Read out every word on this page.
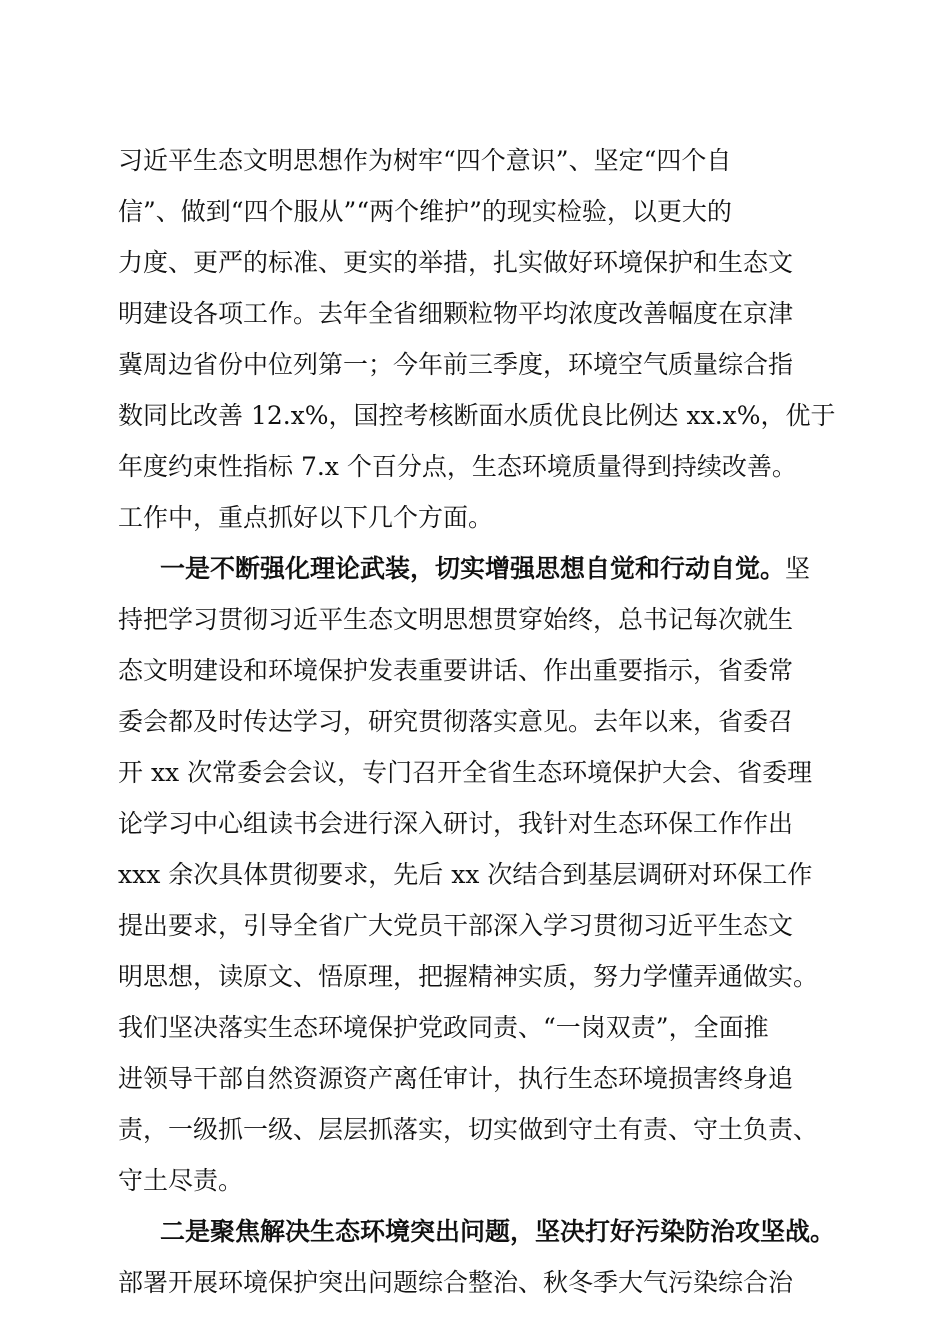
习近平生态文明思想作为树牢“四个意识”、坚定“四个自
信”、做到“四个服从”“两个维护”的现实检验，以更大的
力度、更严的标准、更实的举措，扎实做好环境保护和生态文
明建设各项工作。去年全省细颗粒物平均浓度改善幅度在京津
冀周边省份中位列第一；今年前三季度，环境空气质量综合指
数同比改善 12.x%，国控考核断面水质优良比例达 xx.x%，优于
年度约束性指标 7.x 个百分点，生态环境质量得到持续改善。
工作中，重点抓好以下几个方面。
一是不断强化理论武装，切实增强思想自觉和行动自觉。坚
持把学习贯彻习近平生态文明思想贯穿始终，总书记每次就生
态文明建设和环境保护发表重要讲话、作出重要指示，省委常
委会都及时传达学习，研究贯彻落实意见。去年以来，省委召
开 xx 次常委会会议，专门召开全省生态环境保护大会、省委理
论学习中心组读书会进行深入研讨，我针对生态环保工作作出
xxx 余次具体贯彻要求，先后 xx 次结合到基层调研对环保工作
提出要求，引导全省广大党员干部深入学习贯彻习近平生态文
明思想，读原文、悟原理，把握精神实质，努力学懂弄通做实。
我们坚决落实生态环境保护党政同责、“一岗双责”，全面推
进领导干部自然资源资产离任审计，执行生态环境损害终身追
责，一级抓一级、层层抓落实，切实做到守土有责、守土负责、
守土尽责。
二是聚焦解决生态环境突出问题，坚决打好污染防治攻坚战。
部署开展环境保护突出问题综合整治、秋冬季大气污染综合治
